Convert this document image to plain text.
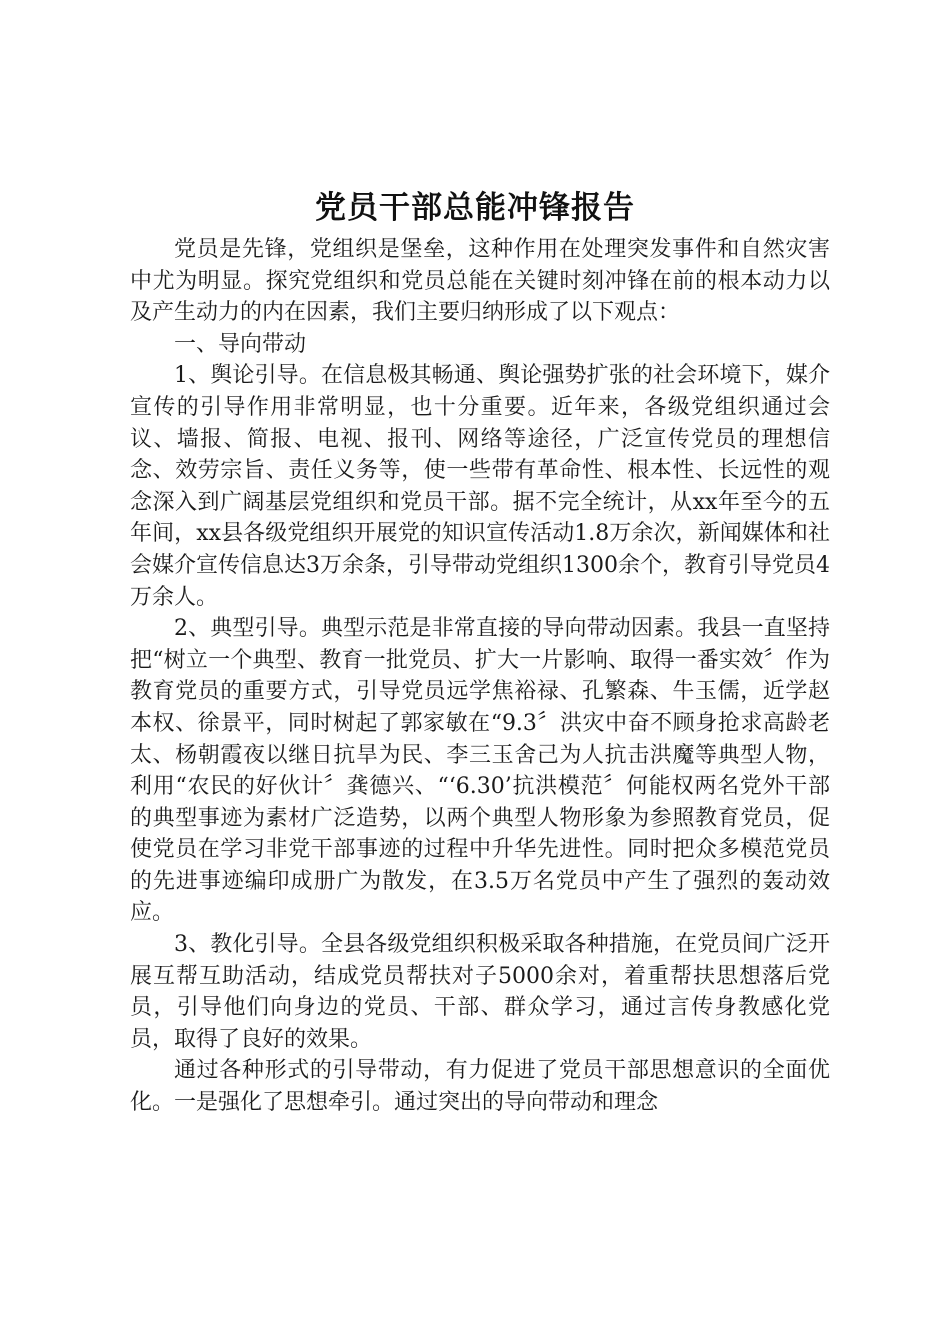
党员干部总能冲锋报告

党员是先锋，党组织是堡垒，这种作用在处理突发事件和自然灾害中尤为明显。探究党组织和党员总能在关键时刻冲锋在前的根本动力以及产生动力的内在因素，我们主要归纳形成了以下观点：

一、导向带动

1、舆论引导。在信息极其畅通、舆论强势扩张的社会环境下，媒介宣传的引导作用非常明显，也十分重要。近年来，各级党组织通过会议、墙报、简报、电视、报刊、网络等途径，广泛宣传党员的理想信念、效劳宗旨、责任义务等，使一些带有革命性、根本性、长远性的观念深入到广阔基层党组织和党员干部。据不完全统计，从xx年至今的五年间，xx县各级党组织开展党的知识宣传活动1.8万余次，新闻媒体和社会媒介宣传信息达3万余条，引导带动党组织1300余个，教育引导党员4万余人。

2、典型引导。典型示范是非常直接的导向带动因素。我县一直坚持把“树立一个典型、教育一批党员、扩大一片影响、取得一番实效〞作为教育党员的重要方式，引导党员远学焦裕禄、孔繁森、牛玉儒，近学赵本权、徐景平，同时树起了郭家敏在“9.3〞洪灾中奋不顾身抢求高龄老太、杨朝霞夜以继日抗旱为民、李三玉舍己为人抗击洪魔等典型人物，利用“农民的好伙计〞龚德兴、“‘6.30’抗洪模范〞何能权两名党外干部的典型事迹为素材广泛造势，以两个典型人物形象为参照教育党员，促使党员在学习非党干部事迹的过程中升华先进性。同时把众多模范党员的先进事迹编印成册广为散发，在3.5万名党员中产生了强烈的轰动效应。

3、教化引导。全县各级党组织积极采取各种措施，在党员间广泛开展互帮互助活动，结成党员帮扶对子5000余对，着重帮扶思想落后党员，引导他们向身边的党员、干部、群众学习，通过言传身教感化党员，取得了良好的效果。

通过各种形式的引导带动，有力促进了党员干部思想意识的全面优化。一是强化了思想牵引。通过突出的导向带动和理念
